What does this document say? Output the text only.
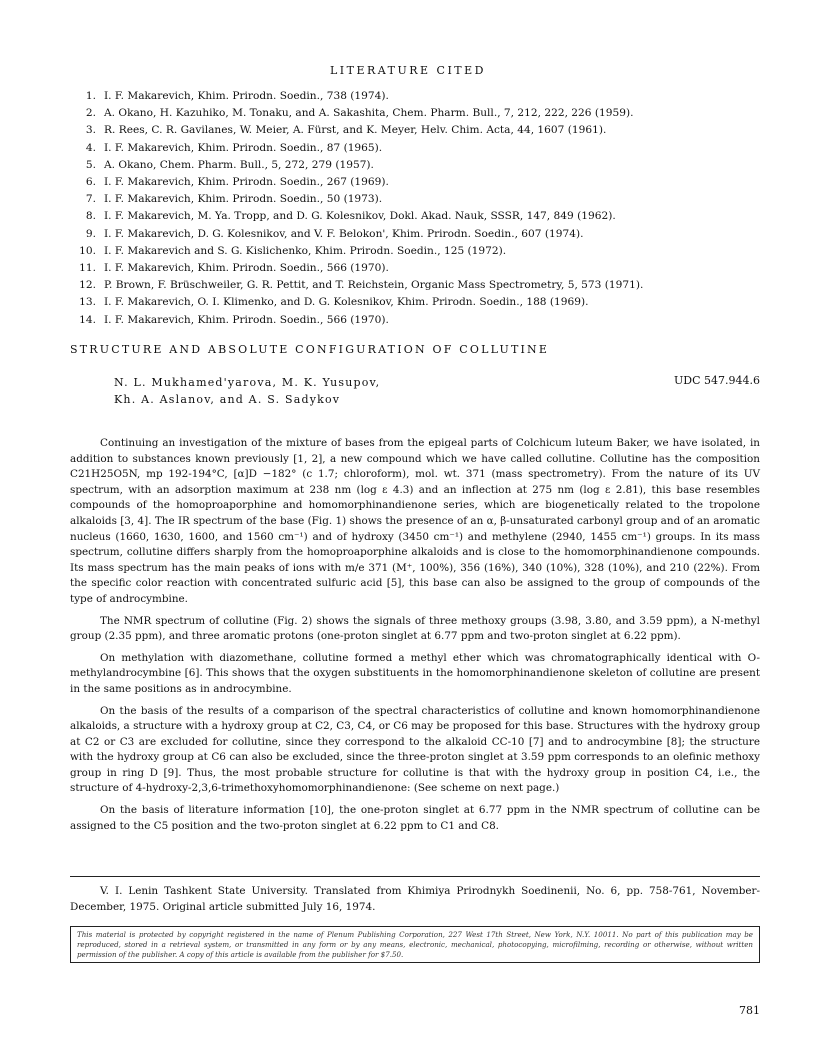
LITERATURE CITED
1. I. F. Makarevich, Khim. Prirodn. Soedin., 738 (1974).
2. A. Okano, H. Kazuhiko, M. Tonaku, and A. Sakashita, Chem. Pharm. Bull., 7, 212, 222, 226 (1959).
3. R. Rees, C. R. Gavilanes, W. Meier, A. Fürst, and K. Meyer, Helv. Chim. Acta, 44, 1607 (1961).
4. I. F. Makarevich, Khim. Prirodn. Soedin., 87 (1965).
5. A. Okano, Chem. Pharm. Bull., 5, 272, 279 (1957).
6. I. F. Makarevich, Khim. Prirodn. Soedin., 267 (1969).
7. I. F. Makarevich, Khim. Prirodn. Soedin., 50 (1973).
8. I. F. Makarevich, M. Ya. Tropp, and D. G. Kolesnikov, Dokl. Akad. Nauk, SSSR, 147, 849 (1962).
9. I. F. Makarevich, D. G. Kolesnikov, and V. F. Belokon', Khim. Prirodn. Soedin., 607 (1974).
10. I. F. Makarevich and S. G. Kislichenko, Khim. Prirodn. Soedin., 125 (1972).
11. I. F. Makarevich, Khim. Prirodn. Soedin., 566 (1970).
12. P. Brown, F. Brüschweiler, G. R. Pettit, and T. Reichstein, Organic Mass Spectrometry, 5, 573 (1971).
13. I. F. Makarevich, O. I. Klimenko, and D. G. Kolesnikov, Khim. Prirodn. Soedin., 188 (1969).
14. I. F. Makarevich, Khim. Prirodn. Soedin., 566 (1970).
STRUCTURE AND ABSOLUTE CONFIGURATION OF COLLUTINE
N. L. Mukhamed'yarova, M. K. Yusupov,
Kh. A. Aslanov, and A. S. Sadykov
UDC 547.944.6

Continuing an investigation of the mixture of bases from the epigeal parts of Colchicum luteum Baker, we have isolated, in addition to substances known previously [1, 2], a new compound which we have called collutine. Collutine has the composition C21H25O5N, mp 192-194°C, [α]D −182° (c 1.7; chloroform), mol. wt. 371 (mass spectrometry). From the nature of its UV spectrum, with an adsorption maximum at 238 nm (log ε 4.3) and an inflection at 275 nm (log ε 2.81), this base resembles compounds of the homoproaporphine and homomorphinandienone series, which are biogenetically related to the tropolone alkaloids [3, 4]. The IR spectrum of the base (Fig. 1) shows the presence of an α, β-unsaturated carbonyl group and of an aromatic nucleus (1660, 1630, 1600, and 1560 cm⁻¹) and of hydroxy (3450 cm⁻¹) and methylene (2940, 1455 cm⁻¹) groups. In its mass spectrum, collutine differs sharply from the homoproaporphine alkaloids and is close to the homomorphinandienone compounds. Its mass spectrum has the main peaks of ions with m/e 371 (M⁺, 100%), 356 (16%), 340 (10%), 328 (10%), and 210 (22%). From the specific color reaction with concentrated sulfuric acid [5], this base can also be assigned to the group of compounds of the type of androcymbine.

The NMR spectrum of collutine (Fig. 2) shows the signals of three methoxy groups (3.98, 3.80, and 3.59 ppm), a N-methyl group (2.35 ppm), and three aromatic protons (one-proton singlet at 6.77 ppm and two-proton singlet at 6.22 ppm).

On methylation with diazomethane, collutine formed a methyl ether which was chromatographically identical with O-methylandrocymbine [6]. This shows that the oxygen substituents in the homomorphinandienone skeleton of collutine are present in the same positions as in androcymbine.

On the basis of the results of a comparison of the spectral characteristics of collutine and known homomorphinandienone alkaloids, a structure with a hydroxy group at C2, C3, C4, or C6 may be proposed for this base. Structures with the hydroxy group at C2 or C3 are excluded for collutine, since they correspond to the alkaloid CC-10 [7] and to androcymbine [8]; the structure with the hydroxy group at C6 can also be excluded, since the three-proton singlet at 3.59 ppm corresponds to an olefinic methoxy group in ring D [9]. Thus, the most probable structure for collutine is that with the hydroxy group in position C4, i.e., the structure of 4-hydroxy-2,3,6-trimethoxyhomomorphinandienone: (See scheme on next page.)

On the basis of literature information [10], the one-proton singlet at 6.77 ppm in the NMR spectrum of collutine can be assigned to the C5 position and the two-proton singlet at 6.22 ppm to C1 and C8.

V. I. Lenin Tashkent State University. Translated from Khimiya Prirodnykh Soedinenii, No. 6, pp. 758-761, November-December, 1975. Original article submitted July 16, 1974.
This material is protected by copyright registered in the name of Plenum Publishing Corporation, 227 West 17th Street, New York, N.Y. 10011. No part of this publication may be reproduced, stored in a retrieval system, or transmitted in any form or by any means, electronic, mechanical, photocopying, microfilming, recording or otherwise, without written permission of the publisher. A copy of this article is available from the publisher for $7.50.
781
